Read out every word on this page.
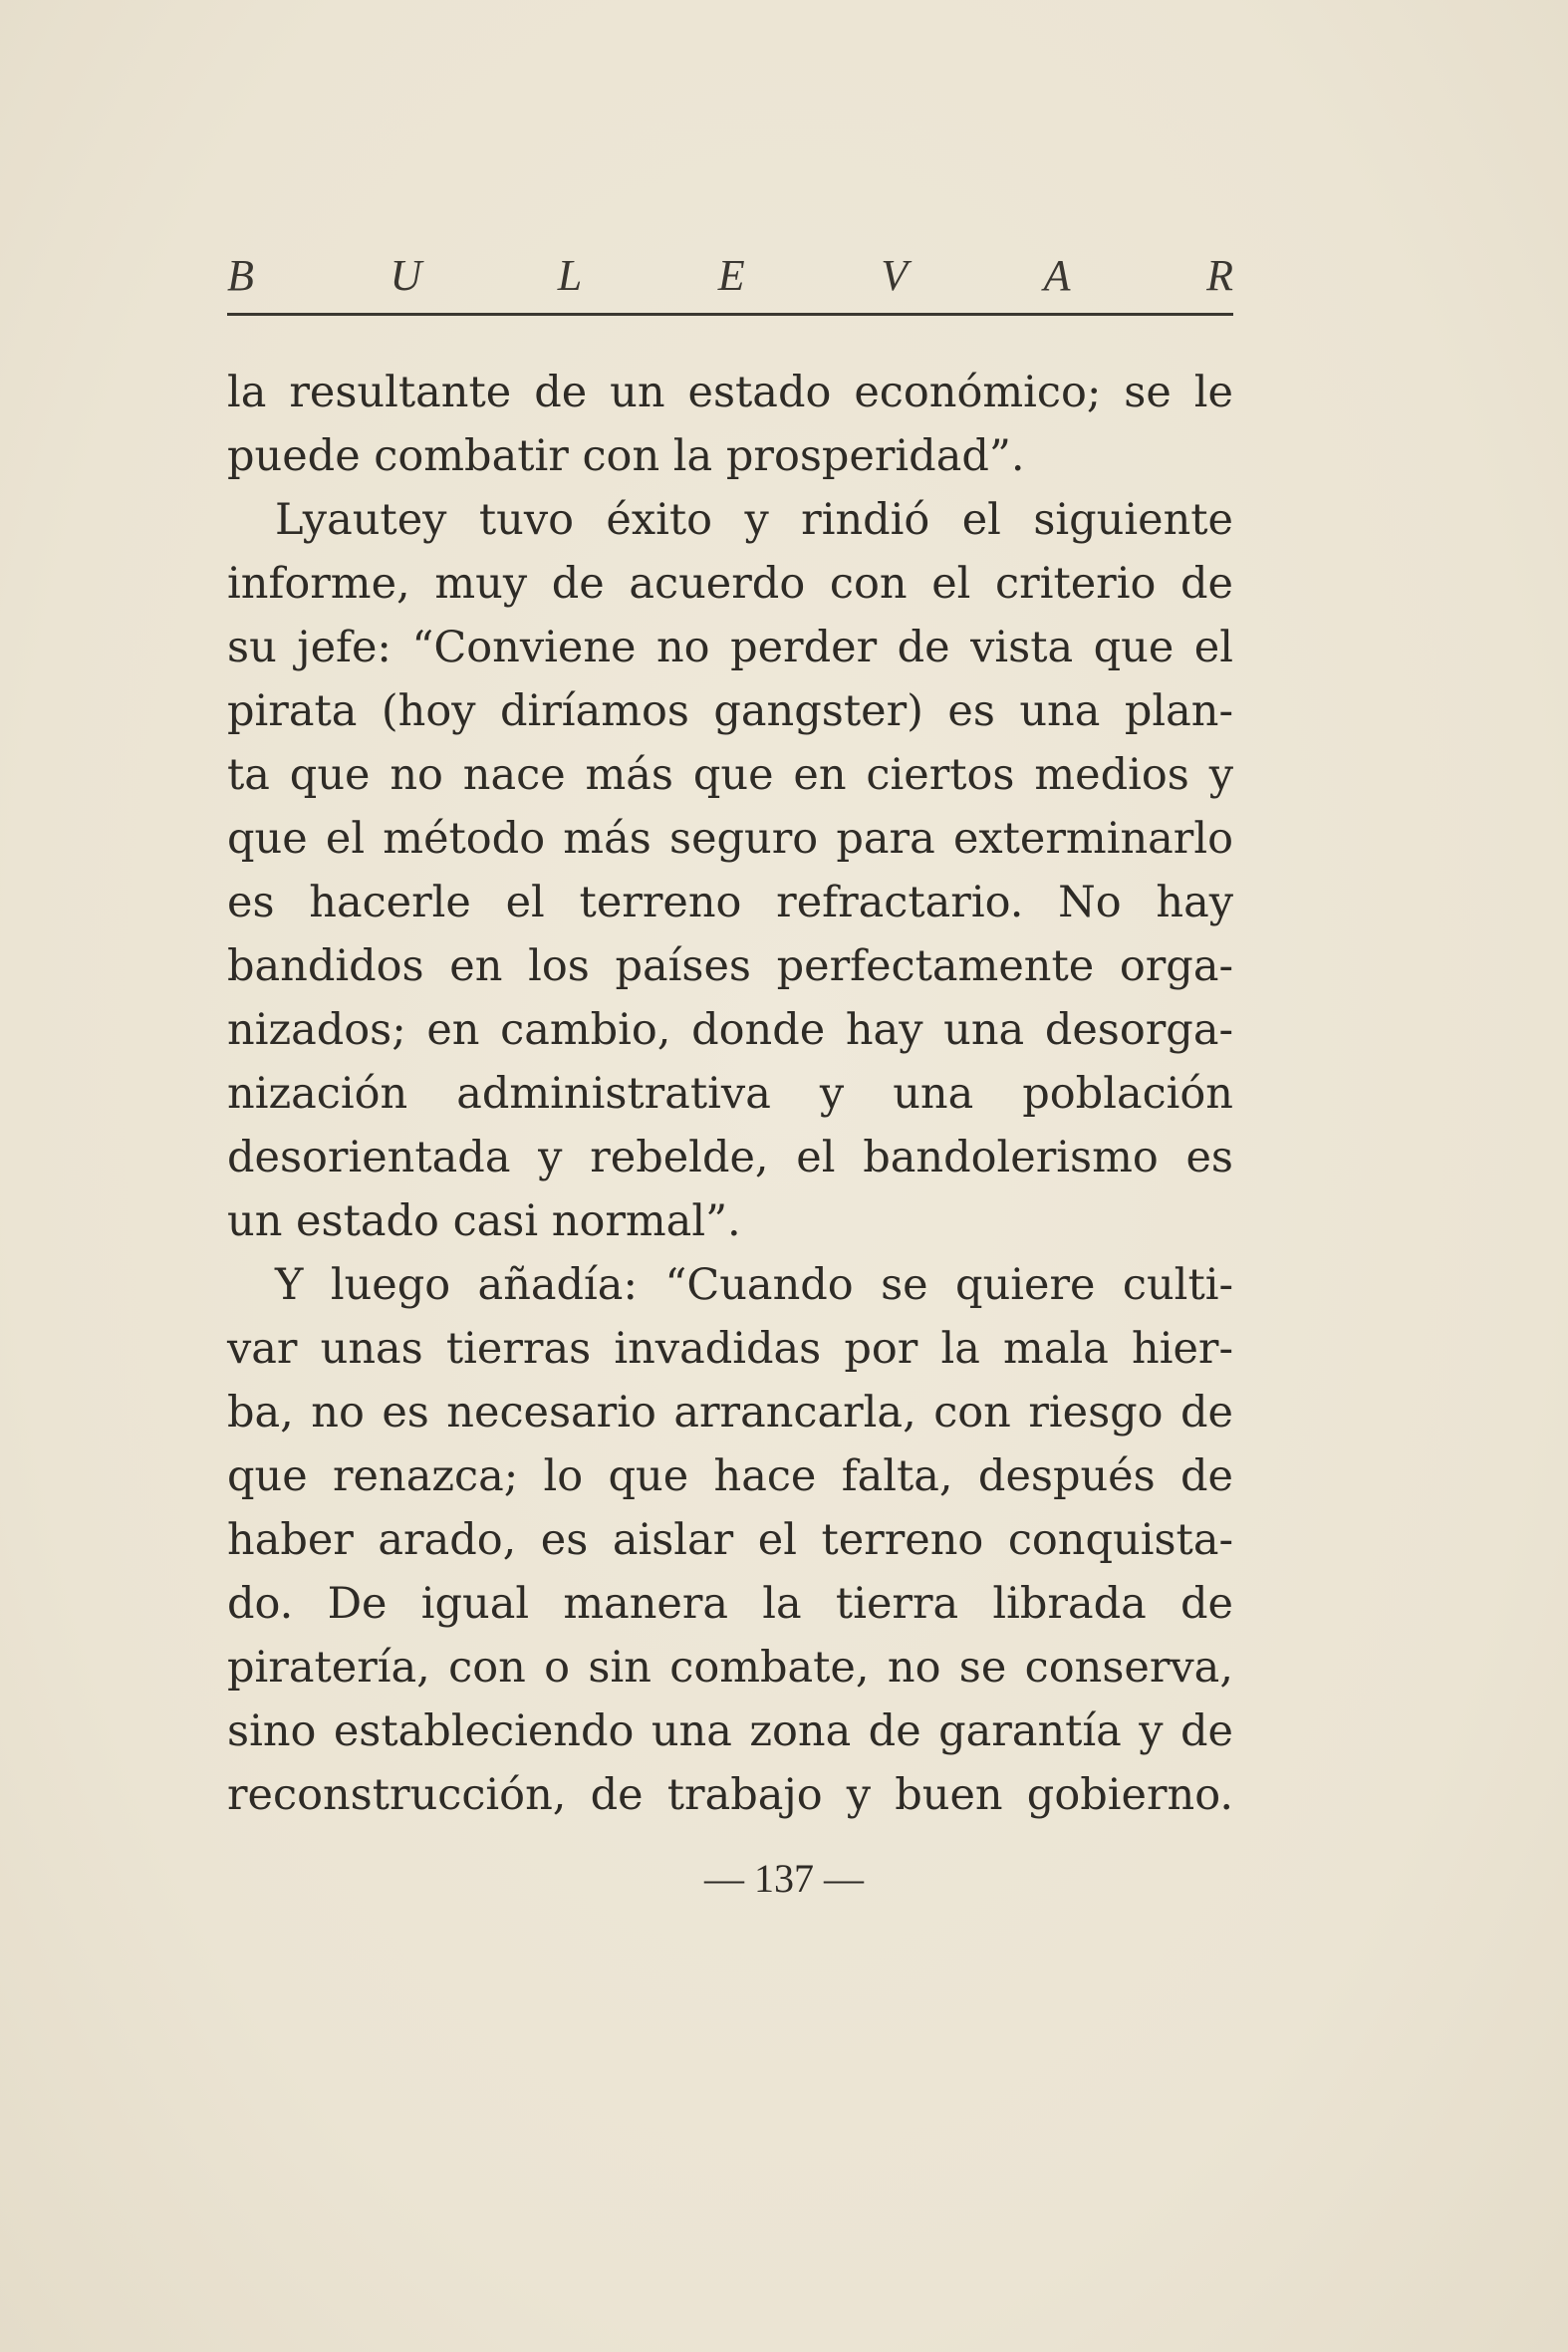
B	U	L	E	V	A	R
la resultante de un estado económico; se le
puede combatir con la prosperidad”.
Lyautey tuvo éxito y rindió el siguiente
informe, muy de acuerdo con el criterio de
su jefe: “Conviene no perder de vista que el
pirata (hoy diríamos gangster) es una plan-
ta que no nace más que en ciertos medios y
que el método más seguro para exterminarlo
es hacerle el terreno refractario. No hay
bandidos en los países perfectamente orga-
nizados; en cambio, donde hay una desorga-
nización administrativa y una población
desorientada y rebelde, el bandolerismo es
un estado casi normal”.
Y luego añadía: “Cuando se quiere culti-
var unas tierras invadidas por la mala hier-
ba, no es necesario arrancarla, con riesgo de
que renazca; lo que hace falta, después de
haber arado, es aislar el terreno conquista-
do. De igual manera la tierra librada de
piratería, con o sin combate, no se conserva,
sino estableciendo una zona de garantía y de
reconstrucción, de trabajo y buen gobierno.
— 137 —
